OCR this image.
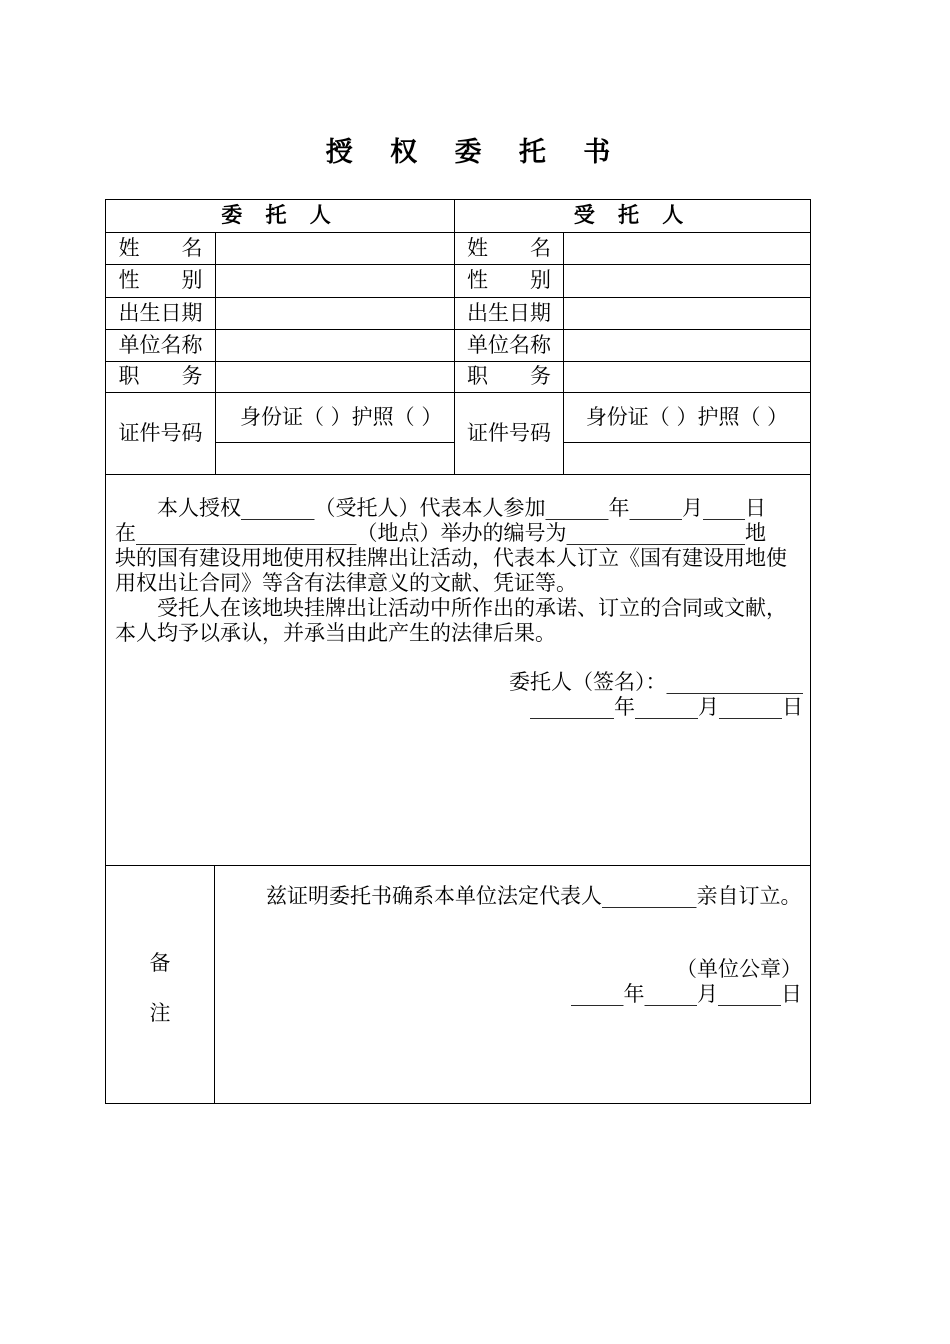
授 权 委 托 书
委 托 人	受 托 人
姓　　名
性　　别
出生日期
单位名称
职　　务
证件号码
姓　　名
性　　别
出生日期
单位名称
职　　务
证件号码
身份证（ ）护照（ ）	身份证（ ）护照（ ）

本人授权_______（受托人）代表本人参加______年_____月____日

在_____________________（地点）举办的编号为_________________地

块的国有建设用地使用权挂牌出让活动，代表本人订立《国有建设用地使用权出让合同》等含有法律意义的文献、凭证等。

受托人在该地块挂牌出让活动中所作出的承诺、订立的合同或文献，本人均予以承认，并承当由此产生的法律后果。

委托人（签名）：_____________

________年______月______日

备
注

兹证明委托书确系本单位法定代表人_________亲自订立。

（单位公章）

_____年_____月______日
